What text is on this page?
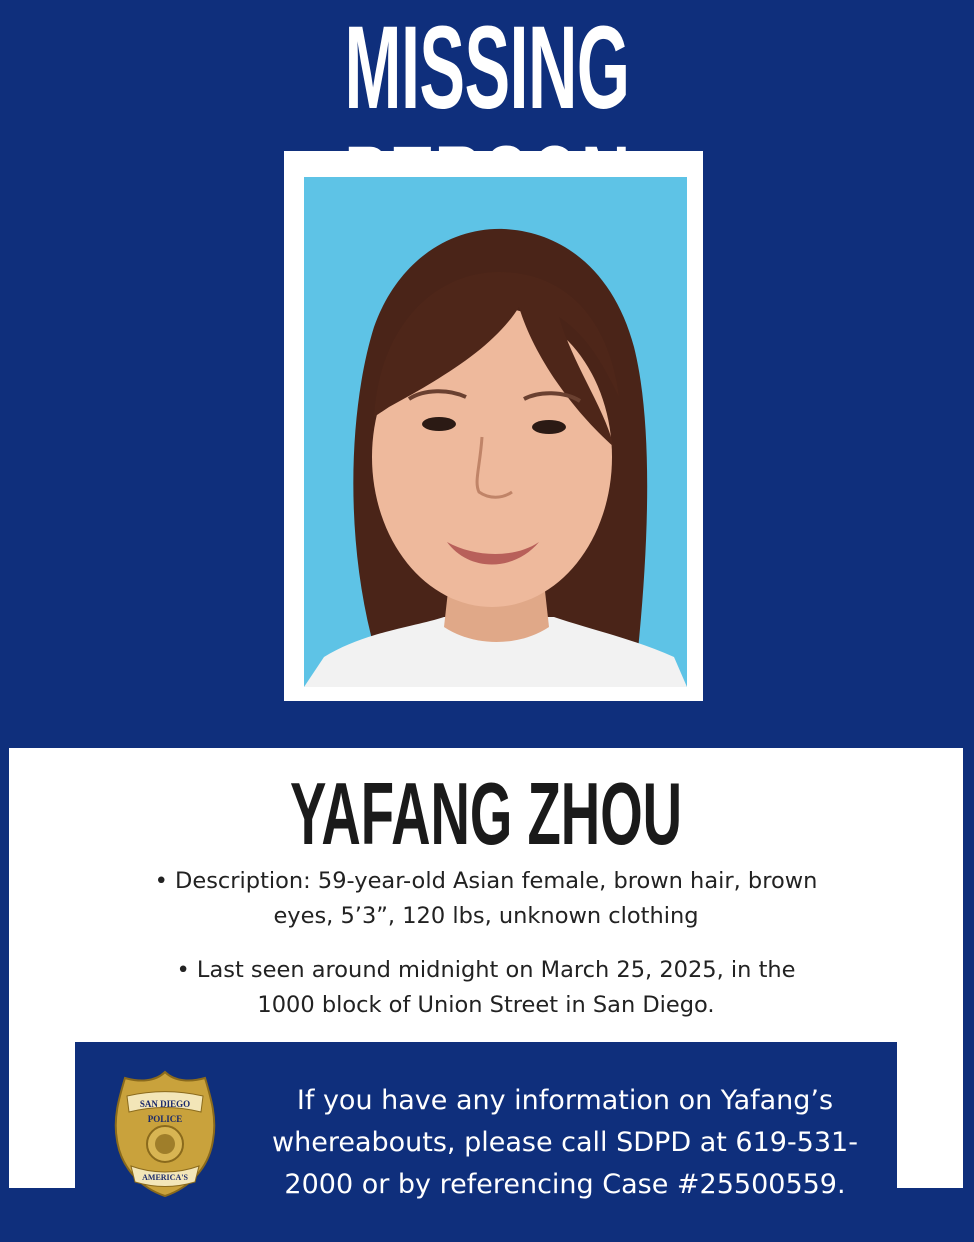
MISSING
YAFANG ZHOU
• Description: 59-year-old Asian female, brown hair, brown
eyes, 5’3”, 120 lbs, unknown clothing
• Last seen around midnight on March 25, 2025, in the
1000 block of Union Street in San Diego.
SAN DIEGO
POLICE
AMERICA'S
If you have any information on Yafang’s
whereabouts, please call SDPD at 619-531-
2000 or by referencing Case #25500559.
